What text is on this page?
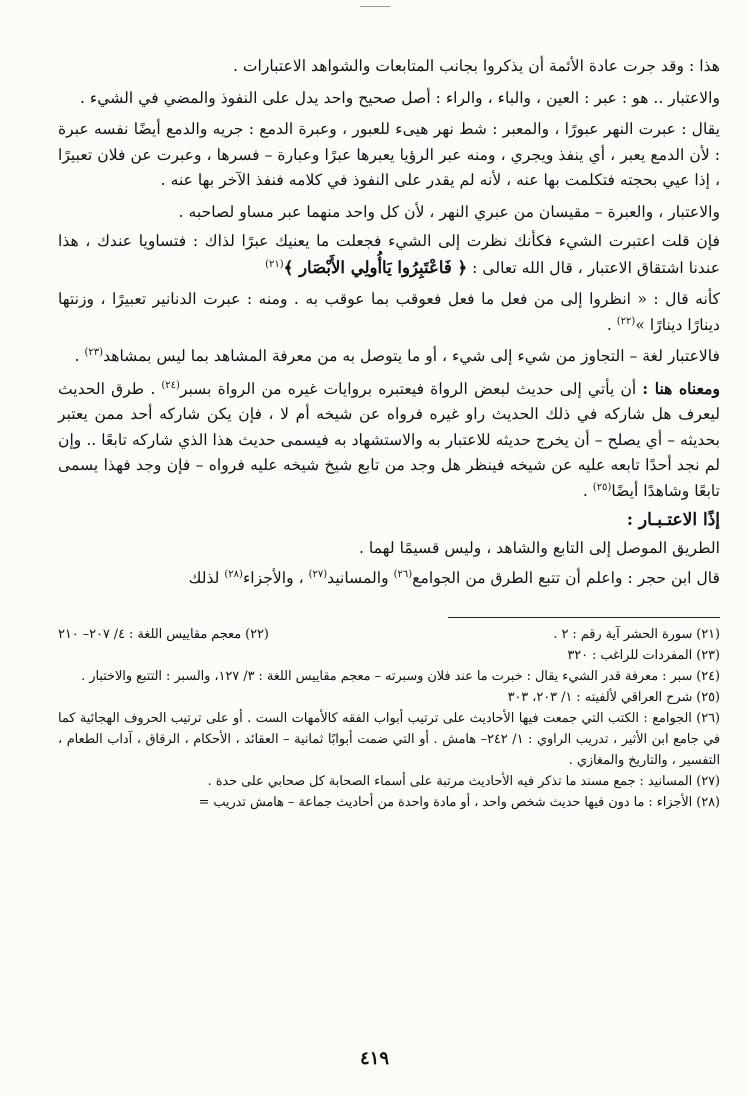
هذا : وقد جرت عادة الأئمة أن يذكروا بجانب المتابعات والشواهد الاعتبارات .

والاعتبار .. هو : عبر : العين ، والباء ، والراء : أصل صحيح واحد يدل على النفوذ والمضي في الشيء .

يقال : عبرت النهر عبورًا ، والمعبر : شط نهر هيىء للعبور ، وعبرة الدمع : جريه والدمع أيضًا نفسه عبرة : لأن الدمع يعبر ، أي ينفذ ويجري ، ومنه عبر الرؤيا يعبرها عبرًا وعبارة – فسرها ، وعبرت عن فلان تعبيرًا ، إذا عيي بحجته فتكلمت بها عنه ، لأنه لم يقدر على النفوذ في كلامه فنفذ الآخر بها عنه .

والاعتبار ، والعبرة – مقيسان من عبري النهر ، لأن كل واحد منهما عبر مساو لصاحبه .

فإن قلت اعتبرت الشيء فكأنك نظرت إلى الشيء فجعلت ما يعنيك عبرًا لذاك : فتساويا عندك ، هذا عندنا اشتقاق الاعتبار ، قال الله تعالى : ﴿ فَاعْتَبِرُوا يَاأُولِي الأَبْصَار ﴾$^{(٢١)}$

كأنه قال : « انظروا إلى من فعل ما فعل فعوقب بما عوقب به . ومنه : عبرت الدنانير تعبيرًا ، وزنتها دينارًا دينارًا »$^{(٢٢)}$ .

فالاعتبار لغة – التجاوز من شيء إلى شيء ، أو ما يتوصل به من معرفة المشاهد بما ليس بمشاهد$^{(٢٣)}$ .

ومعناه هنا : أن يأتي إلى حديث لبعض الرواة فيعتبره بروايات غيره من الرواة بسبر$^{(٢٤)}$ . طرق الحديث ليعرف هل شاركه في ذلك الحديث راو غيره فرواه عن شيخه أم لا ، فإن يكن شاركه أحد ممن يعتبر بحديثه – أي يصلح – أن يخرج حديثه للاعتبار به والاستشهاد به فيسمى حديث هذا الذي شاركه تابعًا .. وإن لم نجد أحدًا تابعه عليه عن شيخه فينظر هل وجد من تابع شيخ شيخه عليه فرواه – فإن وجد فهذا يسمى تابعًا وشاهدًا أيضًا$^{(٢٥)}$ .

إذًا الاعتـبـار :

الطريق الموصل إلى التابع والشاهد ، وليس قسيمًا لهما .

قال ابن حجر : واعلم أن تتبع الطرق من الجوامع$^{(٢٦)}$ والمسانيد$^{(٢٧)}$ ، والأجزاء$^{(٢٨)}$ لذلك

(٢١) سورة الحشر آية رقم : ٢ .
(٢٢) معجم مقاييس اللغة : ٤/ ٢٠٧– ٢١٠

(٢٣) المفردات للراغب : ٣٢٠

(٢٤) سبر : معرفة قدر الشيء يقال : خبرت ما عند فلان وسبرته – معجم مقاييس اللغة : ٣/ ١٢٧، والسبر : التتبع والاختبار .

(٢٥) شرح العراقي لألفيته : ١/ ٢٠٣، ٣٠٣

(٢٦) الجوامع : الكتب التي جمعت فيها الأحاديث على ترتيب أبواب الفقه كالأمهات الست . أو على ترتيب الحروف الهجائية كما في جامع ابن الأثير ، تدريب الراوي : ١/ ٢٤٢– هامش . أو التي ضمت أبوابًا ثمانية – العقائد ، الأحكام ، الرقاق ، آداب الطعام ، التفسير ، والتاريخ والمغازي .

(٢٧) المسانيد : جمع مسند ما تذكر فيه الأحاديث مرتبة على أسماء الصحابة كل صحابي على حدة .

(٢٨) الأجزاء : ما دون فيها حديث شخص واحد ، أو مادة واحدة من أحاديث جماعة – هامش تدريب =

٤١٩
